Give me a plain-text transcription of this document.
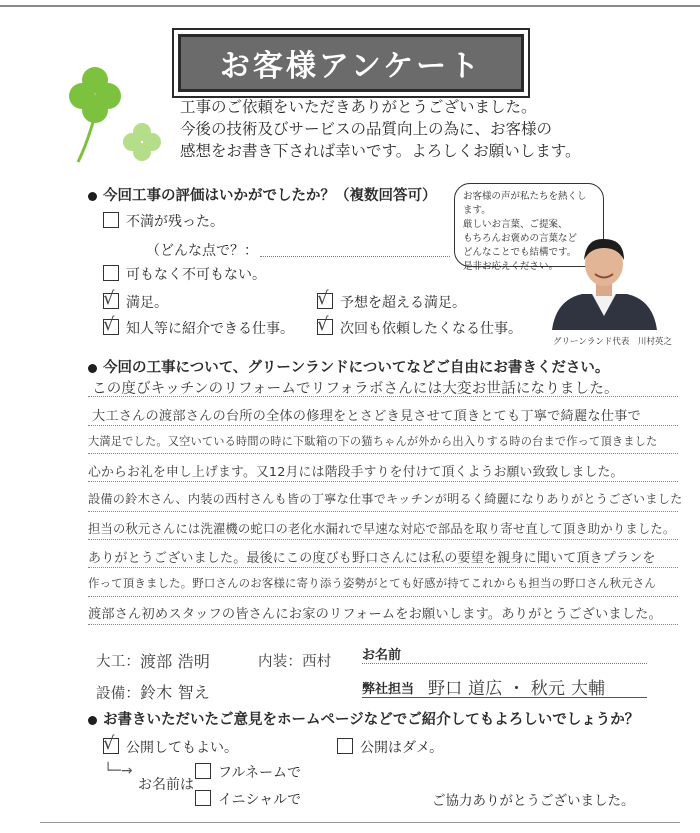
お客様アンケート
工事のご依頼をいただきありがとうございました。
今後の技術及びサービスの品質向上の為に、お客様の
感想をお書き下されば幸いです。よろしくお願いします。
今回工事の評価はいかがでしたか？（複数回答可）
不満が残った。
（どんな点で？：
可もなく不可もない。
√ 満足。	√ 予想を超える満足。
√ 知人等に紹介できる仕事。 √ 次回も依頼したくなる仕事。
お客様の声が私たちを熱くします。
厳しいお言葉、ご提案、
もちろんお褒めの言葉など
どんなことでも結構です。
是非お応えください。
グリーンランド代表　川村英之
今回の工事について、グリーンランドについてなどご自由にお書きください。
この度びキッチンのリフォームでリフォラボさんには大変お世話になりました。
大工さんの渡部さんの台所の全体の修理をとさどき見させて頂きとても丁寧で綺麗な仕事で
大満足でした。又空いている時間の時に下駄箱の下の猫ちゃんが外から出入りする時の台まで作って頂きました
心からお礼を申し上げます。又12月には階段手すりを付けて頂くようお願い致致しました。
設備の鈴木さん、内装の西村さんも皆の丁寧な仕事でキッチンが明るく綺麗になりありがとうございました
担当の秋元さんには洗濯機の蛇口の老化水漏れで早速な対応で部品を取り寄せ直して頂き助かりました。
ありがとうございました。最後にこの度びも野口さんには私の要望を親身に聞いて頂きプランを
作って頂きました。野口さんのお客様に寄り添う姿勢がとても好感が持てこれからも担当の野口さん秋元さん
渡部さん初めスタッフの皆さんにお家のリフォームをお願いします。ありがとうございました。
大工： 渡部 浩明	内装： 西村
設備： 鈴木 智え
お名前
弊社担当 野口 道広 ・ 秋元 大輔
お書きいただいたご意見をホームページなどでご紹介してもよろしいでしょうか？
√ 公開してもよい。	公開はダメ。
└─→
お名前は
フルネームで
イニシャルで	ご協力ありがとうございました。
